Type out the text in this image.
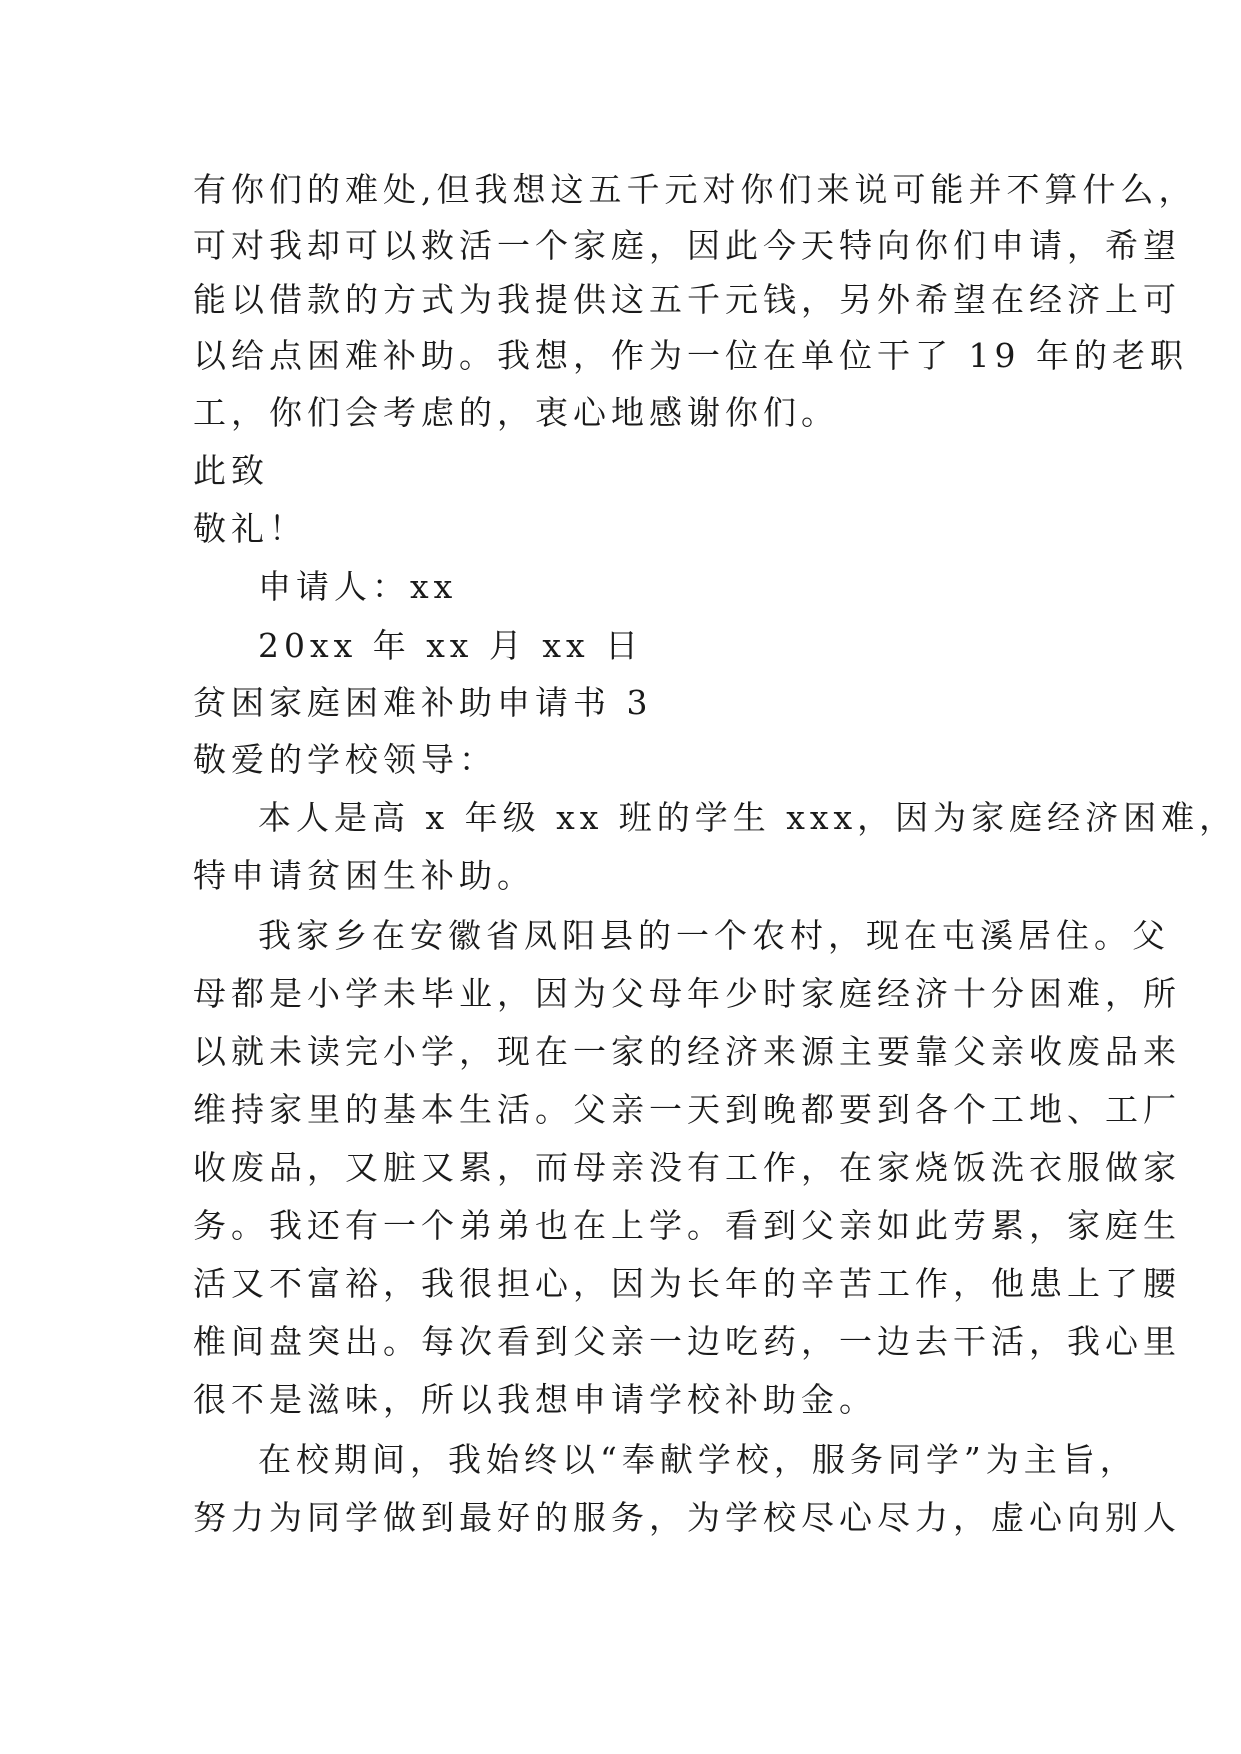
有你们的难处,但我想这五千元对你们来说可能并不算什么，
可对我却可以救活一个家庭，因此今天特向你们申请，希望
能以借款的方式为我提供这五千元钱，另外希望在经济上可
以给点困难补助。我想，作为一位在单位干了 19 年的老职
工，你们会考虑的，衷心地感谢你们。
此致
敬礼！
申请人：xx
20xx 年 xx 月 xx 日
贫困家庭困难补助申请书 3
敬爱的学校领导：
本人是高 x 年级 xx 班的学生 xxx，因为家庭经济困难，
特申请贫困生补助。
我家乡在安徽省凤阳县的一个农村，现在屯溪居住。父
母都是小学未毕业，因为父母年少时家庭经济十分困难，所
以就未读完小学，现在一家的经济来源主要靠父亲收废品来
维持家里的基本生活。父亲一天到晚都要到各个工地、工厂
收废品，又脏又累，而母亲没有工作，在家烧饭洗衣服做家
务。我还有一个弟弟也在上学。看到父亲如此劳累，家庭生
活又不富裕，我很担心，因为长年的辛苦工作，他患上了腰
椎间盘突出。每次看到父亲一边吃药，一边去干活，我心里
很不是滋味，所以我想申请学校补助金。
在校期间，我始终以“奉献学校，服务同学”为主旨，
努力为同学做到最好的服务，为学校尽心尽力，虚心向别人
